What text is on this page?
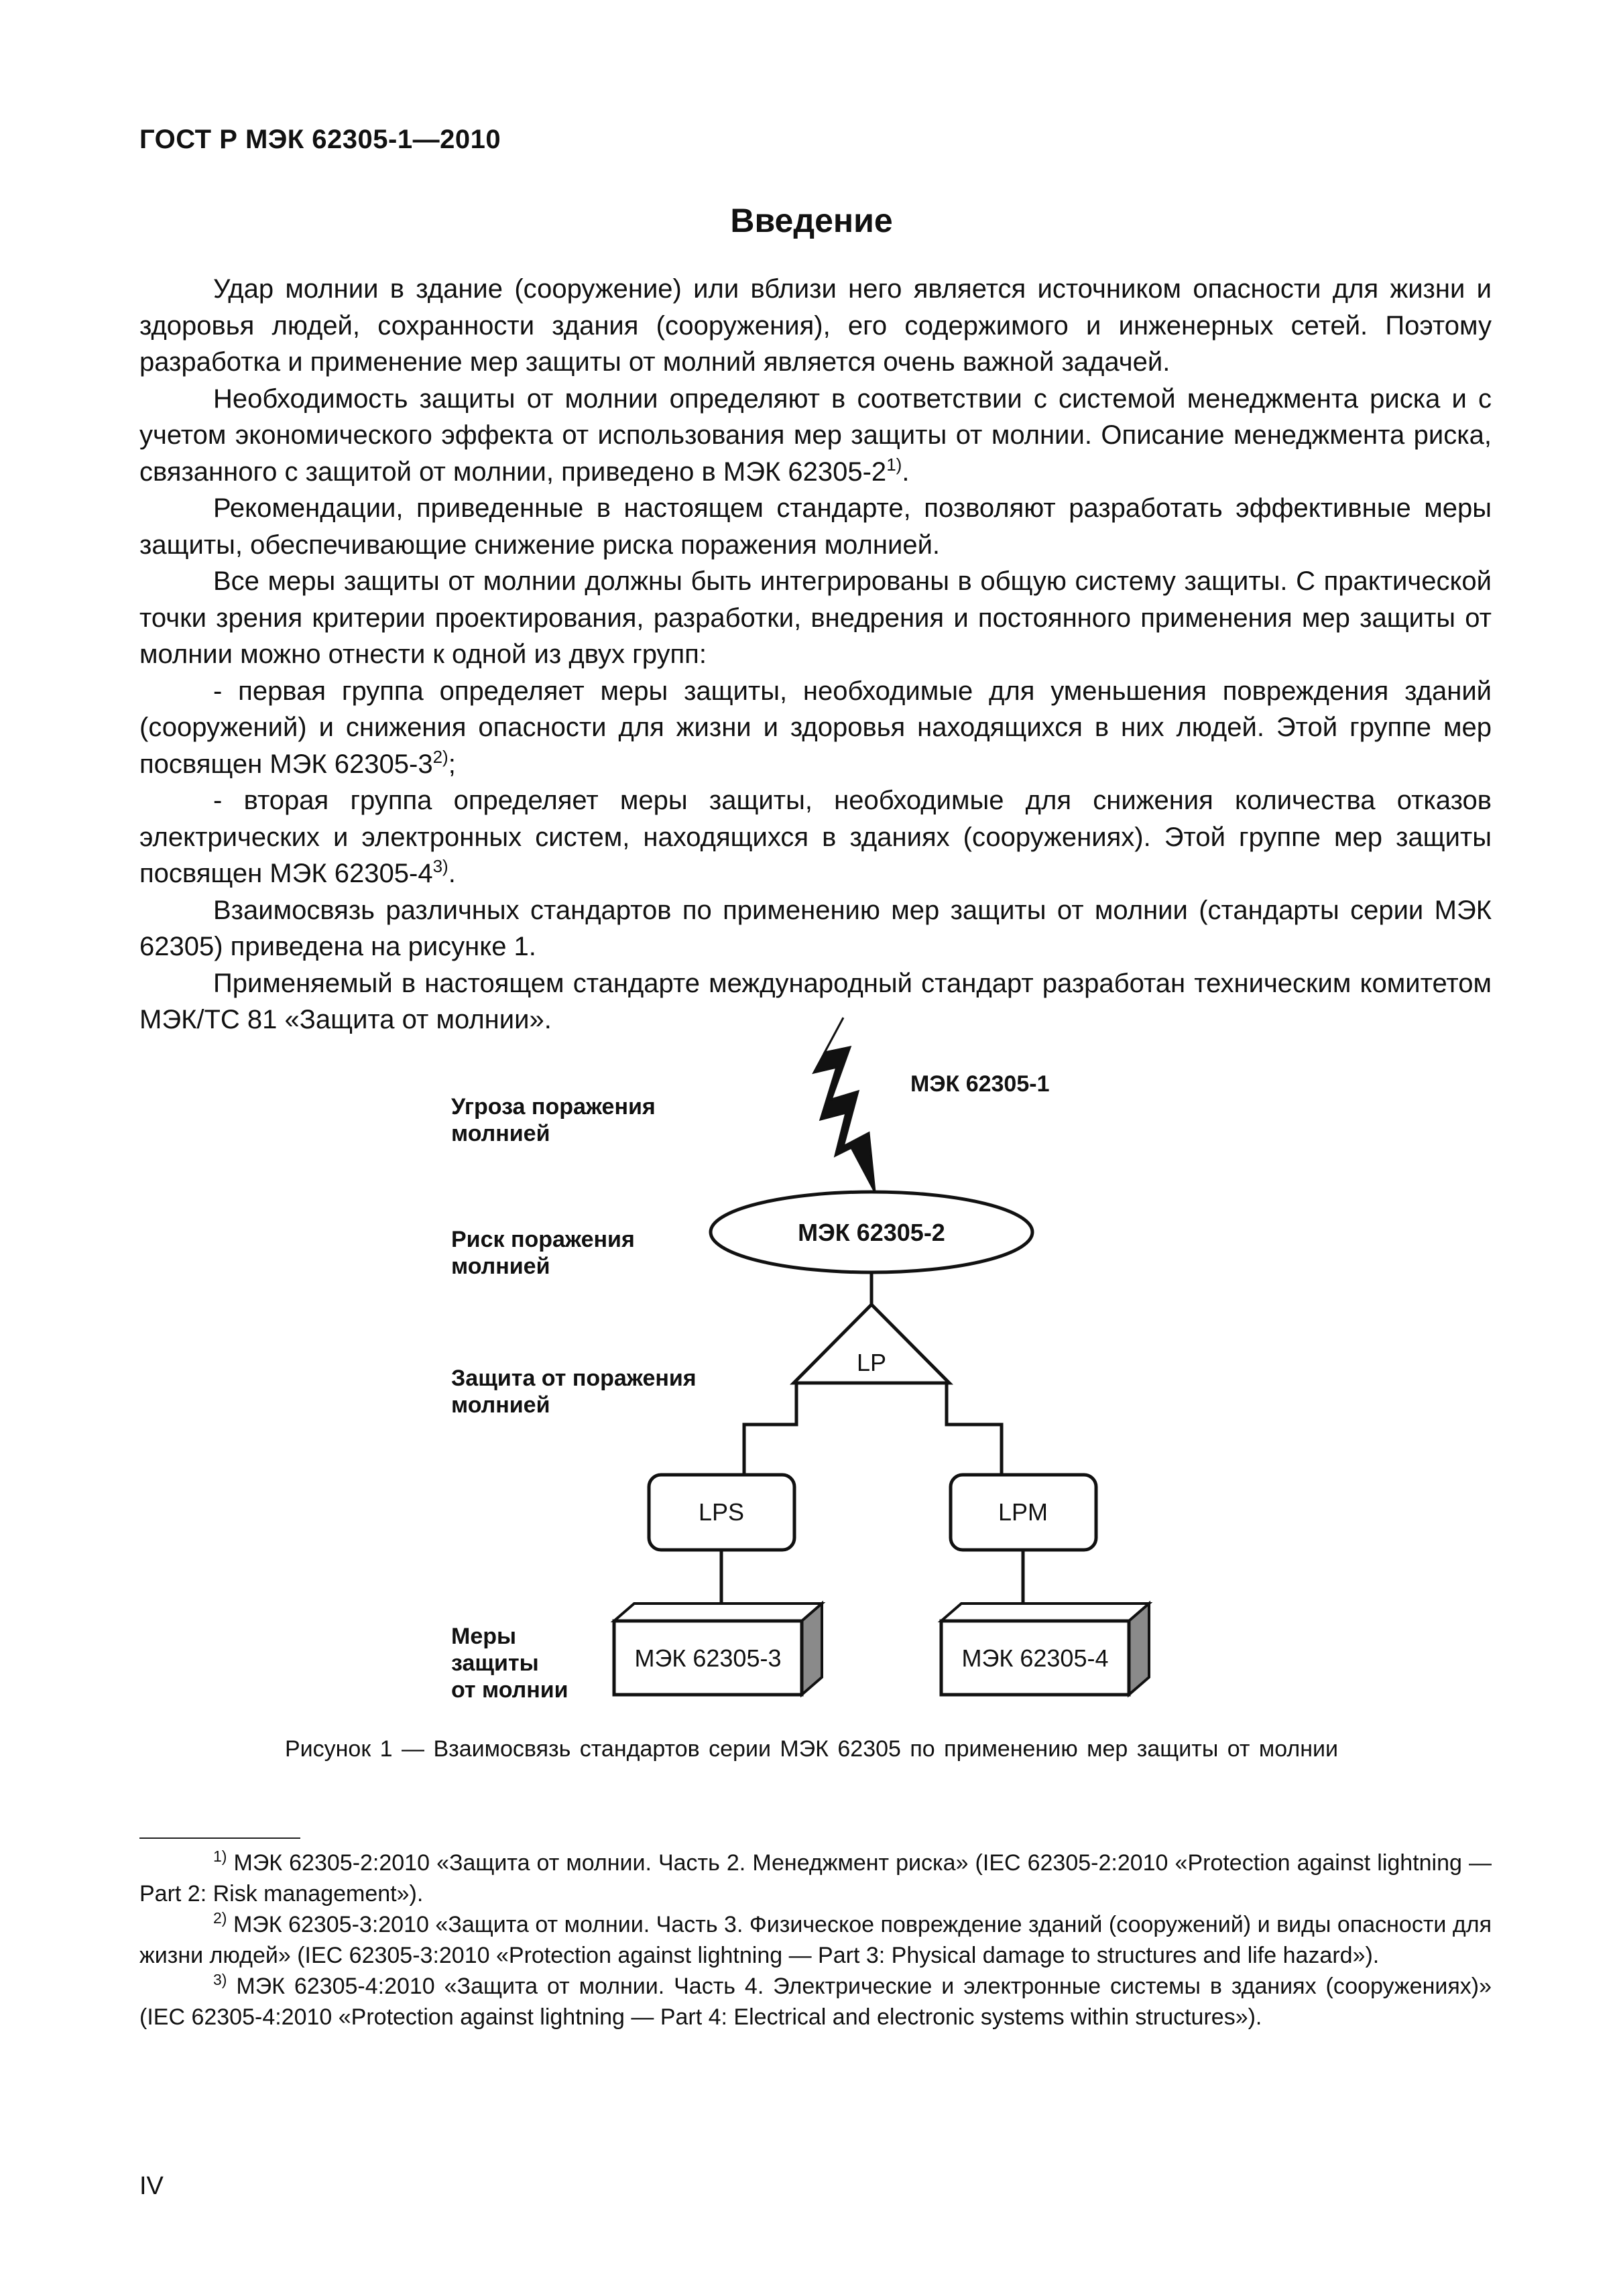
ГОСТ Р МЭК 62305-1—2010
Введение

Удар молнии в здание (сооружение) или вблизи него является источником опасности для жизни и здоровья людей, сохранности здания (сооружения), его содержимого и инженерных сетей. Поэтому разработка и применение мер защиты от молний является очень важной задачей.

Необходимость защиты от молнии определяют в соответствии с системой менеджмента риска и с учетом экономического эффекта от использования мер защиты от молнии. Описание менеджмента риска, связанного с защитой от молнии, приведено в МЭК 62305-2$^{1)}$.

Рекомендации, приведенные в настоящем стандарте, позволяют разработать эффективные меры защиты, обеспечивающие снижение риска поражения молнией.

Все меры защиты от молнии должны быть интегрированы в общую систему защиты. С практической точки зрения критерии проектирования, разработки, внедрения и постоянного применения мер защиты от молнии можно отнести к одной из двух групп:

- первая группа определяет меры защиты, необходимые для уменьшения повреждения зданий (сооружений) и снижения опасности для жизни и здоровья находящихся в них людей. Этой группе мер посвящен МЭК 62305-3$^{2)}$;

- вторая группа определяет меры защиты, необходимые для снижения количества отказов электрических и электронных систем, находящихся в зданиях (сооружениях). Этой группе мер защиты посвящен МЭК 62305-4$^{3)}$.

Взаимосвязь различных стандартов по применению мер защиты от молнии (стандарты серии МЭК 62305) приведена на рисунке 1.

Применяемый в настоящем стандарте международный стандарт разработан техническим комитетом МЭК/ТС 81 «Защита от молнии».

Угроза поражения
молнией
Риск поражения
молнией
Защита от поражения
молнией
Меры
защиты
от молнии
МЭК 62305-1
МЭК 62305-2
LP
LPS	LPM
МЭК 62305-3	МЭК 62305-4
Рисунок 1 — Взаимосвязь стандартов серии МЭК 62305 по применению мер защиты от молнии

$^{1)}$ МЭК 62305-2:2010 «Защита от молнии. Часть 2. Менеджмент риска» (IEC 62305-2:2010 «Protection against lightning — Part 2: Risk management»).

$^{2)}$ МЭК 62305-3:2010 «Защита от молнии. Часть 3. Физическое повреждение зданий (сооружений) и виды опасности для жизни людей» (IEC 62305-3:2010 «Protection against lightning — Part 3: Physical damage to structures and life hazard»).

$^{3)}$ МЭК 62305-4:2010 «Защита от молнии. Часть 4. Электрические и электронные системы в зданиях (сооружениях)» (IEC 62305-4:2010 «Protection against lightning — Part 4: Electrical and electronic systems within structures»).

IV
